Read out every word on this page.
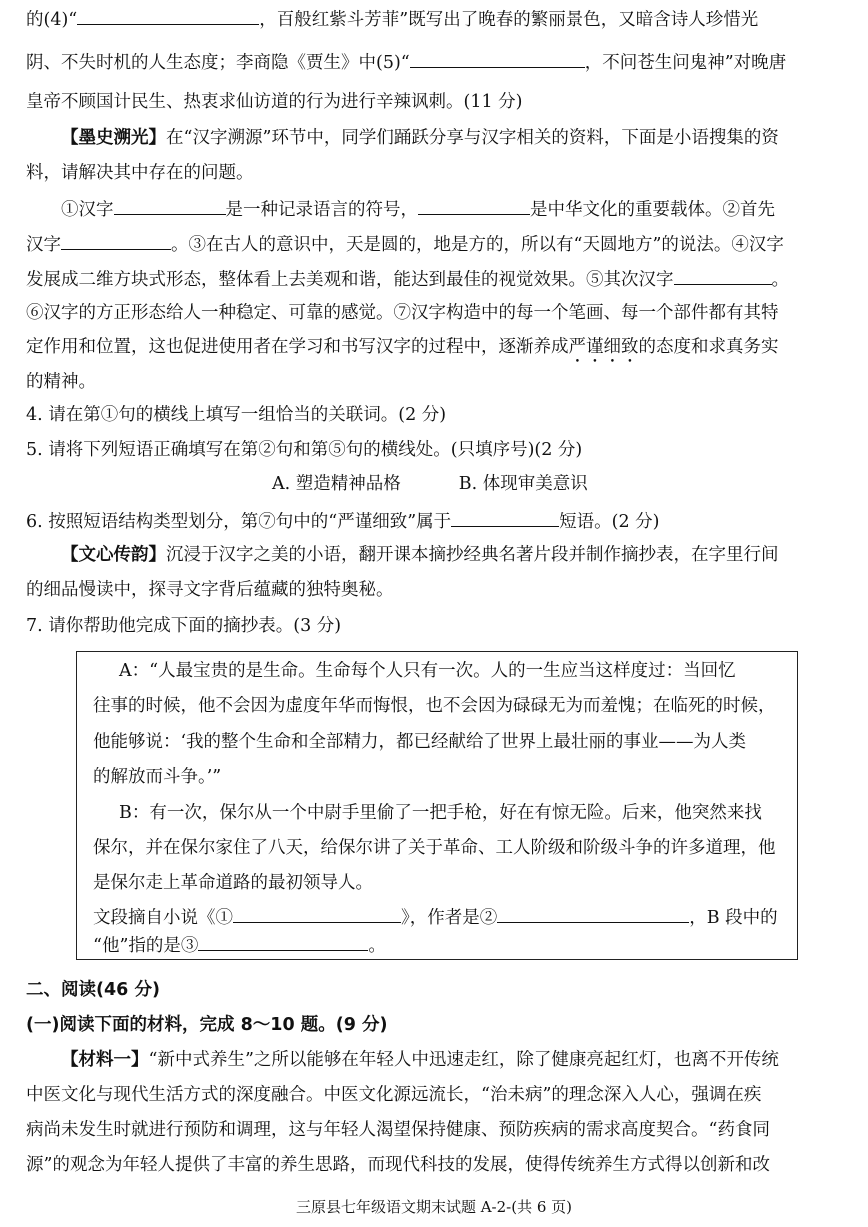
的(4)“	，百般红紫斗芳菲”既写出了晚春的繁丽景色，又暗含诗人珍惜光
阴、不失时机的人生态度；李商隐《贾生》中(5)“	，不问苍生问鬼神”对晚唐
皇帝不顾国计民生、热衷求仙访道的行为进行辛辣讽刺。(11 分)
【墨史溯光】在“汉字溯源”环节中，同学们踊跃分享与汉字相关的资料，下面是小语搜集的资
料，请解决其中存在的问题。
①汉字	是一种记录语言的符号，	是中华文化的重要载体。②首先
汉字	。③在古人的意识中，天是圆的，地是方的，所以有“天圆地方”的说法。④汉字
发展成二维方块式形态，整体看上去美观和谐，能达到最佳的视觉效果。⑤其次汉字	。
⑥汉字的方正形态给人一种稳定、可靠的感觉。⑦汉字构造中的每一个笔画、每一个部件都有其特
定作用和位置，这也促进使用者在学习和书写汉字的过程中，逐渐养成严谨细致的态度和求真务实
的精神。
4. 请在第①句的横线上填写一组恰当的关联词。(2 分)
5. 请将下列短语正确填写在第②句和第⑤句的横线处。(只填序号)(2 分)
A. 塑造精神品格	B. 体现审美意识
6. 按照短语结构类型划分，第⑦句中的“严谨细致”属于	短语。(2 分)
【文心传韵】沉浸于汉字之美的小语，翻开课本摘抄经典名著片段并制作摘抄表，在字里行间
的细品慢读中，探寻文字背后蕴藏的独特奥秘。
7. 请你帮助他完成下面的摘抄表。(3 分)
A：“人最宝贵的是生命。生命每个人只有一次。人的一生应当这样度过：当回忆
往事的时候，他不会因为虚度年华而悔恨，也不会因为碌碌无为而羞愧；在临死的时候，
他能够说：‘我的整个生命和全部精力，都已经献给了世界上最壮丽的事业——为人类
的解放而斗争。’”
B：有一次，保尔从一个中尉手里偷了一把手枪，好在有惊无险。后来，他突然来找
保尔，并在保尔家住了八天，给保尔讲了关于革命、工人阶级和阶级斗争的许多道理，他
是保尔走上革命道路的最初领导人。
文段摘自小说《①	》，作者是②	，B 段中的
“他”指的是③	。
二、阅读(46 分)
(一)阅读下面的材料，完成 8～10 题。(9 分)
【材料一】“新中式养生”之所以能够在年轻人中迅速走红，除了健康亮起红灯，也离不开传统
中医文化与现代生活方式的深度融合。中医文化源远流长，“治未病”的理念深入人心，强调在疾
病尚未发生时就进行预防和调理，这与年轻人渴望保持健康、预防疾病的需求高度契合。“药食同
源”的观念为年轻人提供了丰富的养生思路，而现代科技的发展，使得传统养生方式得以创新和改
三原县七年级语文期末试题 A-2-(共 6 页)
